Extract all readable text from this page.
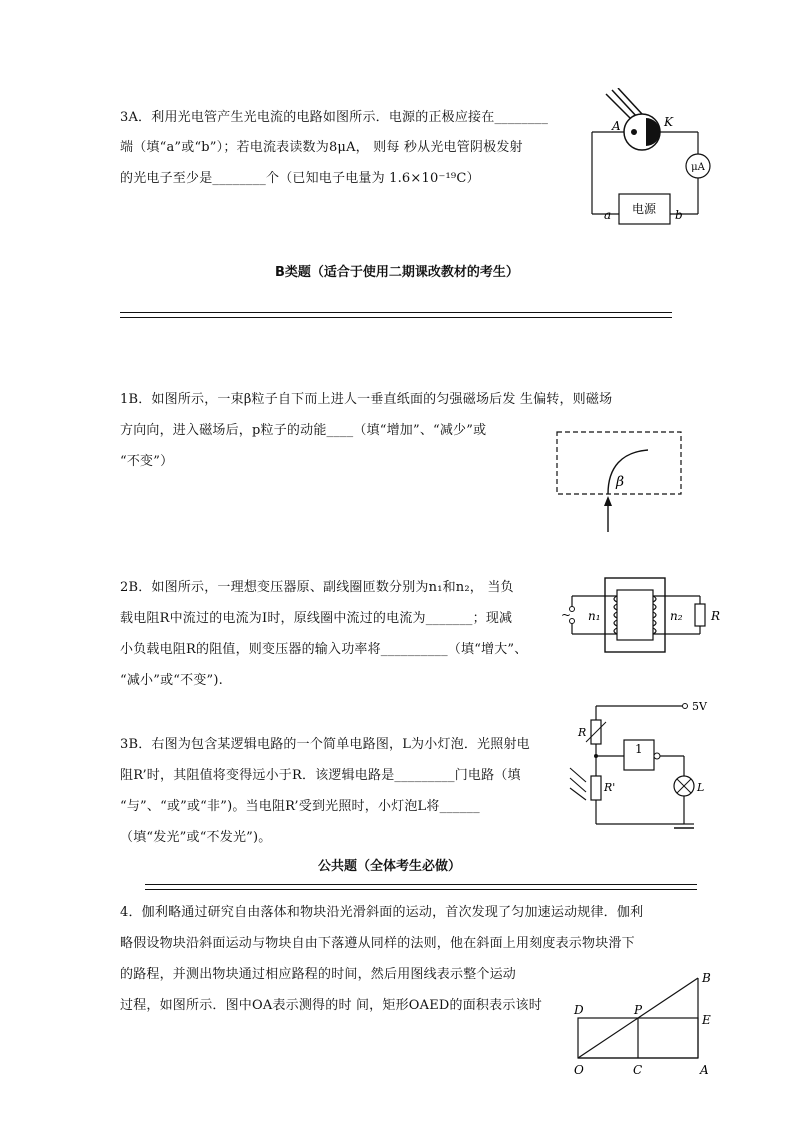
3A．利用光电管产生光电流的电路如图所示．电源的正极应接在________
端（填“a”或“b”）；若电流表读数为8μA， 则每 秒从光电管阴极发射
的光电子至少是________个（已知电子电量为 1.6×10⁻¹⁹C）
μA
电源
A	K
a	b
B类题（适合于使用二期课改教材的考生）
1B．如图所示，一束β粒子自下而上进人一垂直纸面的匀强磁场后发 生偏转，则磁场
方向向，进入磁场后，p粒子的动能____（填“增加”、“减少”或
“不变”）
β
2B．如图所示，一理想变压器原、副线圈匝数分别为n₁和n₂， 当负
载电阻R中流过的电流为I时，原线圈中流过的电流为_______；现减
小负载电阻R的阻值，则变压器的输入功率将__________（填“增大”、
“减小”或“不变”).
~ n₁	n₂ R
3B．右图为包含某逻辑电路的一个简单电路图，L为小灯泡．光照射电
阻R’时，其阻值将变得远小于R．该逻辑电路是_________门电路（填
“与”、“或”或“非”)。当电阻R’受到光照时，小灯泡L将______
（填“发光”或“不发光”)。
5V
R
1
L
R'
公共题（全体考生必做）
4．伽利略通过研究自由落体和物块沿光滑斜面的运动，首次发现了匀加速运动规律．伽利
略假设物块沿斜面运动与物块自由下落遵从同样的法则，他在斜面上用刻度表示物块滑下
的路程，并测出物块通过相应路程的时间，然后用图线表示整个运动
过程，如图所示．图中OA表示测得的时 间，矩形OAED的面积表示该时
B
D	P
E
O	C	A
